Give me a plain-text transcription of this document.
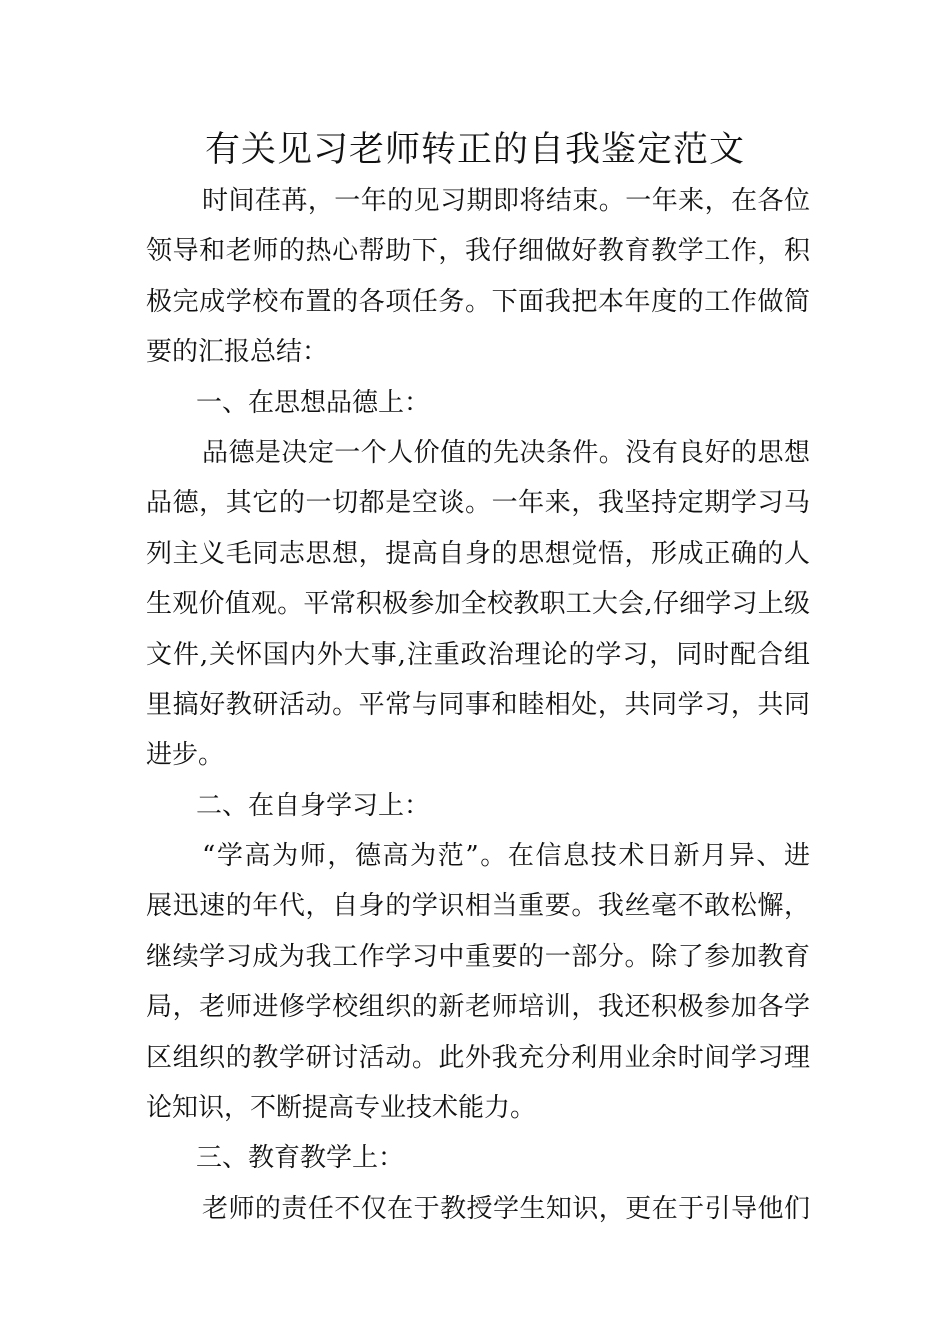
有关见习老师转正的自我鉴定范文
时间荏苒，一年的见习期即将结束。一年来，在各位
领导和老师的热心帮助下，我仔细做好教育教学工作，积
极完成学校布置的各项任务。下面我把本年度的工作做简
要的汇报总结：
一、在思想品德上：
品德是决定一个人价值的先决条件。没有良好的思想
品德，其它的一切都是空谈。一年来，我坚持定期学习马
列主义毛同志思想，提高自身的思想觉悟，形成正确的人
生观价值观。平常积极参加全校教职工大会,仔细学习上级
文件,关怀国内外大事,注重政治理论的学习，同时配合组
里搞好教研活动。平常与同事和睦相处，共同学习，共同
进步。
二、在自身学习上：
“学高为师，德高为范”。在信息技术日新月异、进
展迅速的年代，自身的学识相当重要。我丝毫不敢松懈，
继续学习成为我工作学习中重要的一部分。除了参加教育
局，老师进修学校组织的新老师培训，我还积极参加各学
区组织的教学研讨活动。此外我充分利用业余时间学习理
论知识，不断提高专业技术能力。
三、教育教学上：
老师的责任不仅在于教授学生知识，更在于引导他们
